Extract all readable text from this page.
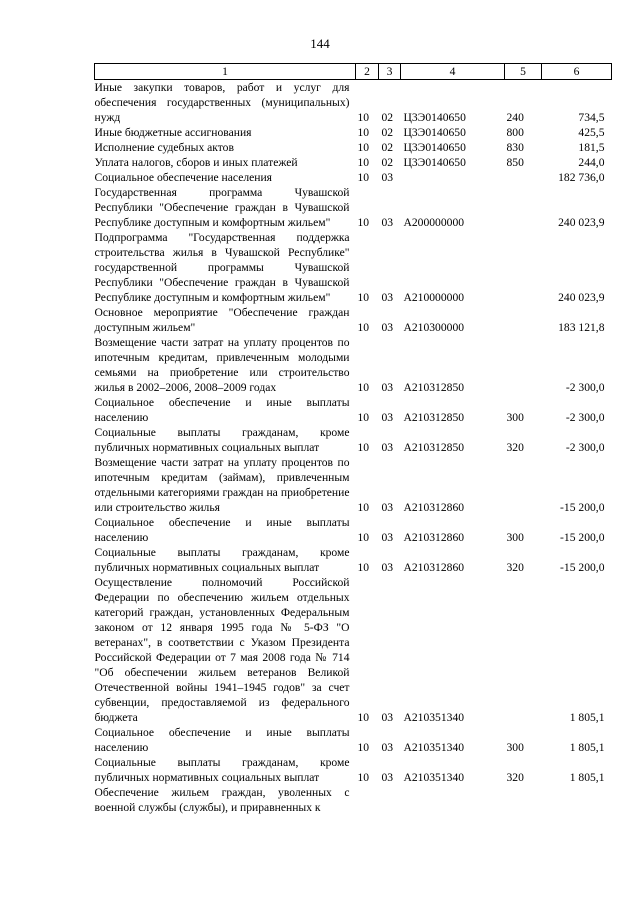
144
1	2	3	4	5	6
Иные закупки товаров, работ и услуг для обеспечения государственных (муниципальных) нужд	10	02	Ц3Э0140650	240	734,5
Иные бюджетные ассигнования	10	02	Ц3Э0140650	800	425,5
Исполнение судебных актов	10	02	Ц3Э0140650	830	181,5
Уплата налогов, сборов и иных платежей	10	02	Ц3Э0140650	850	244,0
Социальное обеспечение населения	10	03			182 736,0
Государственная программа Чувашской Республики "Обеспечение граждан в Чувашской Республике доступным и комфортным жильем"	10	03	А200000000		240 023,9
Подпрограмма "Государственная поддержка строительства жилья в Чувашской Республике" государственной программы Чувашской Республики "Обеспечение граждан в Чувашской Республике доступным и комфортным жильем"	10	03	А210000000		240 023,9
Основное мероприятие "Обеспечение граждан доступным жильем"	10	03	А210300000		183 121,8
Возмещение части затрат на уплату процентов по ипотечным кредитам, привлеченным молодыми семьями на приобретение или строительство жилья в 2002–2006, 2008–2009 годах	10	03	А210312850		-2 300,0
Социальное обеспечение и иные выплаты населению	10	03	А210312850	300	-2 300,0
Социальные выплаты гражданам, кроме публичных нормативных социальных выплат	10	03	А210312850	320	-2 300,0
Возмещение части затрат на уплату процентов по ипотечным кредитам (займам), привлеченным отдельными категориями граждан на приобретение или строительство жилья	10	03	А210312860		-15 200,0
Социальное обеспечение и иные выплаты населению	10	03	А210312860	300	-15 200,0
Социальные выплаты гражданам, кроме публичных нормативных социальных выплат	10	03	А210312860	320	-15 200,0
Осуществление полномочий Российской Федерации по обеспечению жильем отдельных категорий граждан, установленных Федеральным законом от 12 января 1995 года № 5-ФЗ "О ветеранах", в соответствии с Указом Президента Российской Федерации от 7 мая 2008 года № 714 "Об обеспечении жильем ветеранов Великой Отечественной войны 1941–1945 годов" за счет субвенции, предоставляемой из федерального бюджета	10	03	А210351340		1 805,1
Социальное обеспечение и иные выплаты населению	10	03	А210351340	300	1 805,1
Социальные выплаты гражданам, кроме публичных нормативных социальных выплат	10	03	А210351340	320	1 805,1
Обеспечение жильем граждан, уволенных с военной службы (службы), и приравненных к					
